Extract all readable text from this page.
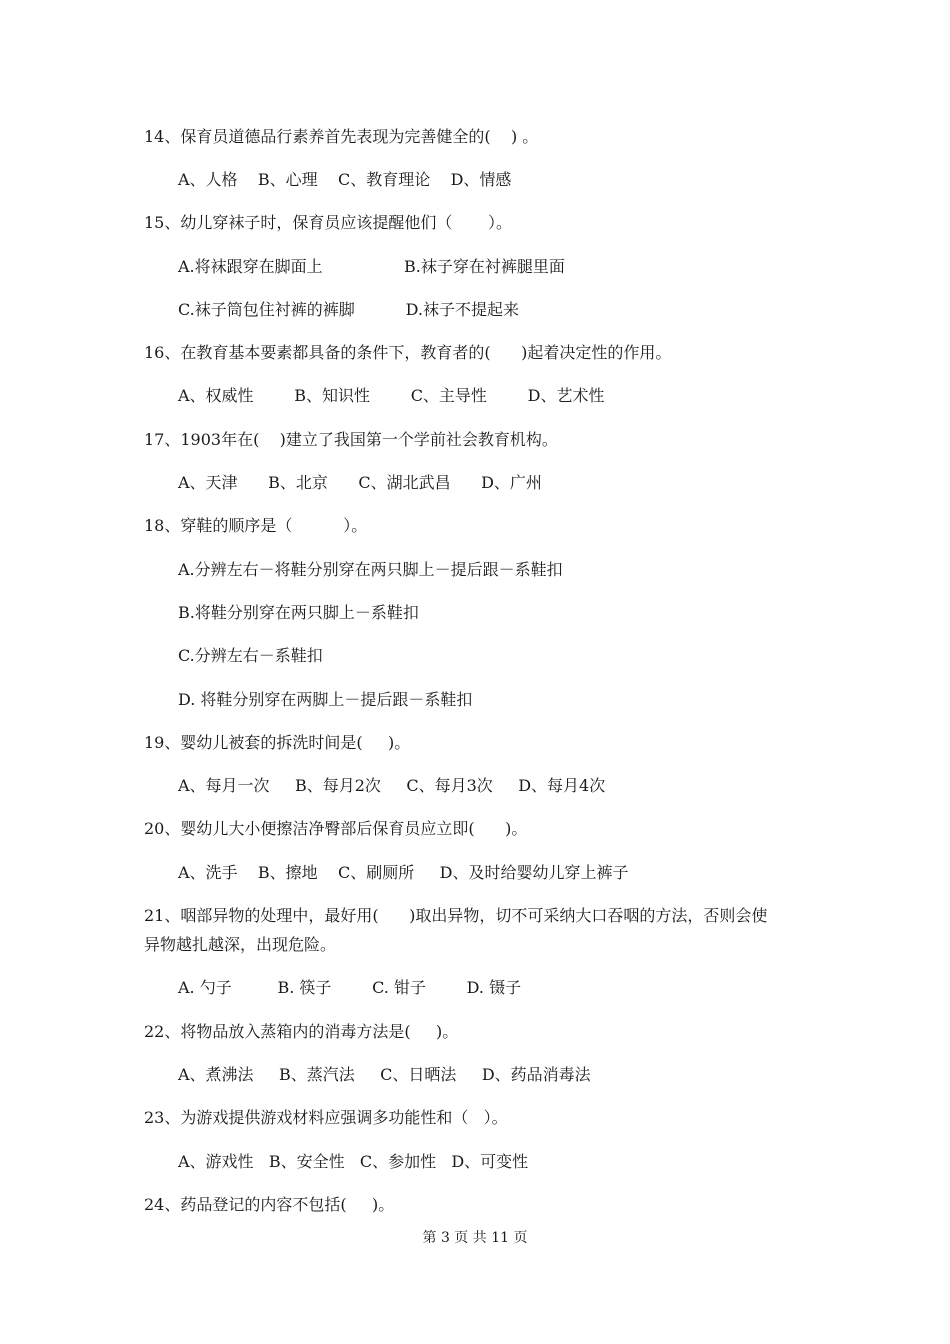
14、保育员道德品行素养首先表现为完善健全的(    ) 。
A、人格    B、心理    C、教育理论    D、情感
15、幼儿穿袜子时，保育员应该提醒他们（       ）。
A.将袜跟穿在脚面上                B.袜子穿在衬裤腿里面
C.袜子筒包住衬裤的裤脚          D.袜子不提起来
16、在教育基本要素都具备的条件下，教育者的(      )起着决定性的作用。
A、权威性        B、知识性        C、主导性        D、艺术性
17、1903年在(    )建立了我国第一个学前社会教育机构。
A、天津      B、北京      C、湖北武昌      D、广州
18、穿鞋的顺序是（          ）。
A.分辨左右－将鞋分别穿在两只脚上－提后跟－系鞋扣
B.将鞋分别穿在两只脚上－系鞋扣
C.分辨左右－系鞋扣
D. 将鞋分别穿在两脚上－提后跟－系鞋扣
19、婴幼儿被套的拆洗时间是(     )。
A、每月一次     B、每月2次     C、每月3次     D、每月4次
20、婴幼儿大小便擦洁净臀部后保育员应立即(      )。
A、洗手    B、擦地    C、刷厕所     D、及时给婴幼儿穿上裤子
21、咽部异物的处理中，最好用(      )取出异物，切不可采纳大口吞咽的方法，否则会使
异物越扎越深，出现危险。
A. 勺子         B. 筷子        C. 钳子        D. 镊子
22、将物品放入蒸箱内的消毒方法是(     )。
A、煮沸法     B、蒸汽法     C、日晒法     D、药品消毒法
23、为游戏提供游戏材料应强调多功能性和（   ）。
A、游戏性   B、安全性   C、参加性   D、可变性
24、药品登记的内容不包括(     )。
第 3 页 共 11 页
